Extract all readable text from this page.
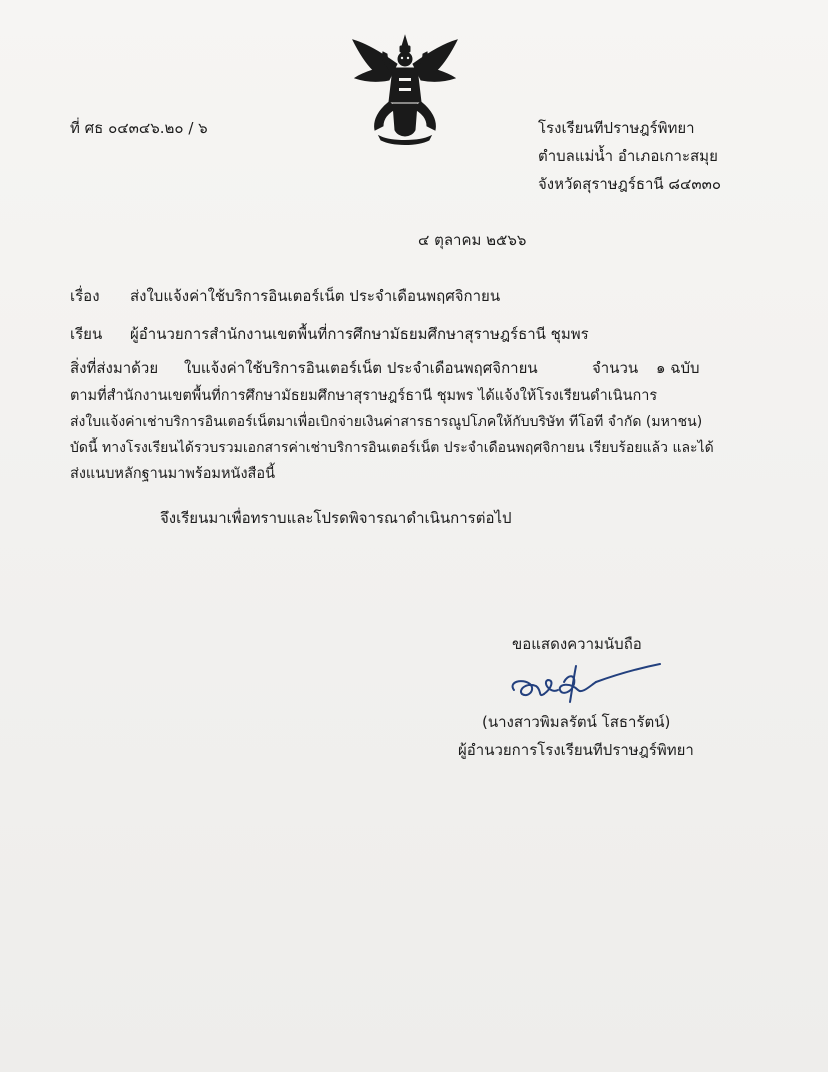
ที่ ศธ ๐๔๓๔๖.๒๐ / ๖	โรงเรียนทีปราษฎร์พิทยา
ตำบลแม่น้ำ อำเภอเกาะสมุย
จังหวัดสุราษฎร์ธานี ๘๔๓๓๐
๔ ตุลาคม ๒๕๖๖
เรื่อง ส่งใบแจ้งค่าใช้บริการอินเตอร์เน็ต ประจำเดือนพฤศจิกายน
เรียน ผู้อำนวยการสำนักงานเขตพื้นที่การศึกษามัธยมศึกษาสุราษฎร์ธานี ชุมพร
สิ่งที่ส่งมาด้วย ใบแจ้งค่าใช้บริการอินเตอร์เน็ต ประจำเดือนพฤศจิกายน	จำนวน ๑ ฉบับ
ตามที่สำนักงานเขตพื้นที่การศึกษามัธยมศึกษาสุราษฎร์ธานี ชุมพร ได้แจ้งให้โรงเรียนดำเนินการ
ส่งใบแจ้งค่าเช่าบริการอินเตอร์เน็ตมาเพื่อเบิกจ่ายเงินค่าสารธารณูปโภคให้กับบริษัท ทีโอที จำกัด (มหาชน)
บัดนี้ ทางโรงเรียนได้รวบรวมเอกสารค่าเช่าบริการอินเตอร์เน็ต ประจำเดือนพฤศจิกายน เรียบร้อยแล้ว และได้
ส่งแนบหลักฐานมาพร้อมหนังสือนี้
จึงเรียนมาเพื่อทราบและโปรดพิจารณาดำเนินการต่อไป
ขอแสดงความนับถือ
(นางสาวพิมลรัตน์ โสธารัตน์)
ผู้อำนวยการโรงเรียนทีปราษฎร์พิทยา
